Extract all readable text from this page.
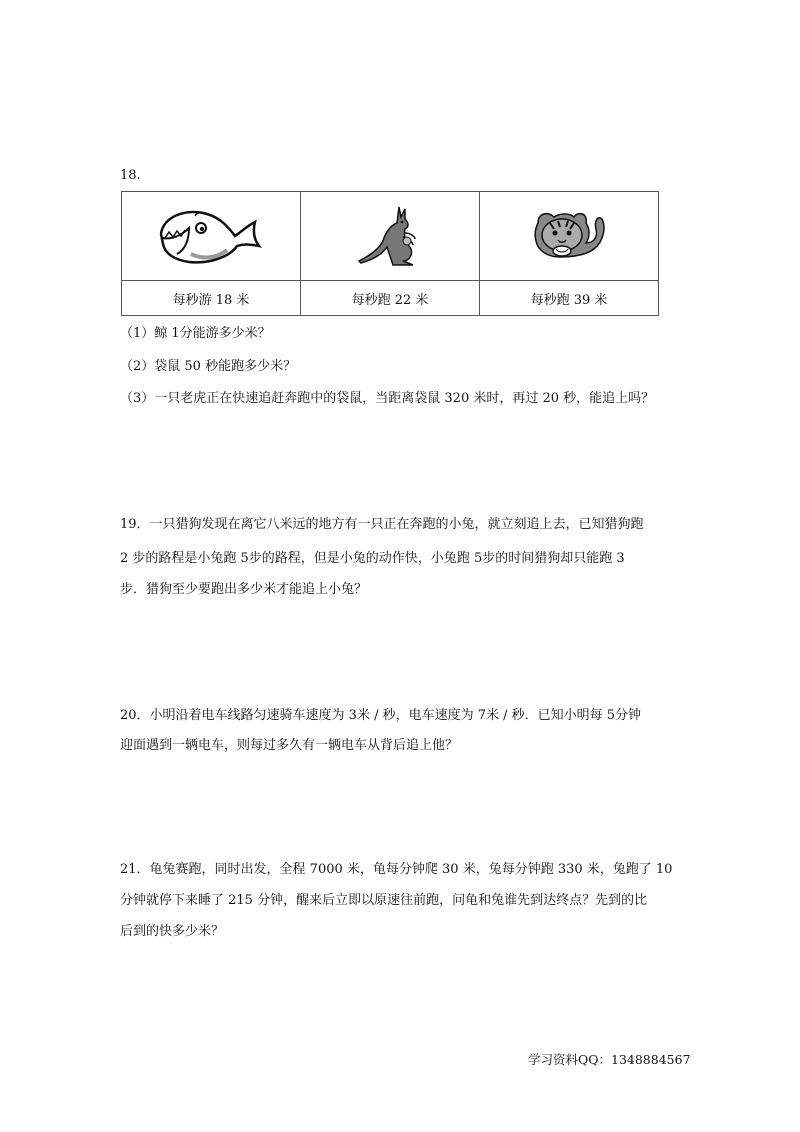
18.

每秒游 18 米	每秒跑 22 米	每秒跑 39 米
（1）鲸 1分能游多少米？
（2）袋鼠 50 秒能跑多少米？
（3）一只老虎正在快速追赶奔跑中的袋鼠，当距离袋鼠 320 米时，再过 20 秒，能追上吗？
19．一只猎狗发现在离它八米远的地方有一只正在奔跑的小兔，就立刻追上去，已知猎狗跑
2 步的路程是小兔跑 5步的路程，但是小兔的动作快，小兔跑 5步的时间猎狗却只能跑 3
步．猎狗至少要跑出多少米才能追上小兔？
20．小明沿着电车线路匀速骑车速度为 3米 / 秒，电车速度为 7米 / 秒．已知小明每 5分钟
迎面遇到一辆电车，则每过多久有一辆电车从背后追上他？
21．龟兔赛跑，同时出发，全程 7000 米，龟每分钟爬 30 米，兔每分钟跑 330 米，兔跑了 10
分钟就停下来睡了 215 分钟，醒来后立即以原速往前跑，问龟和兔谁先到达终点？先到的比
后到的快多少米？
学习资料QQ：1348884567
